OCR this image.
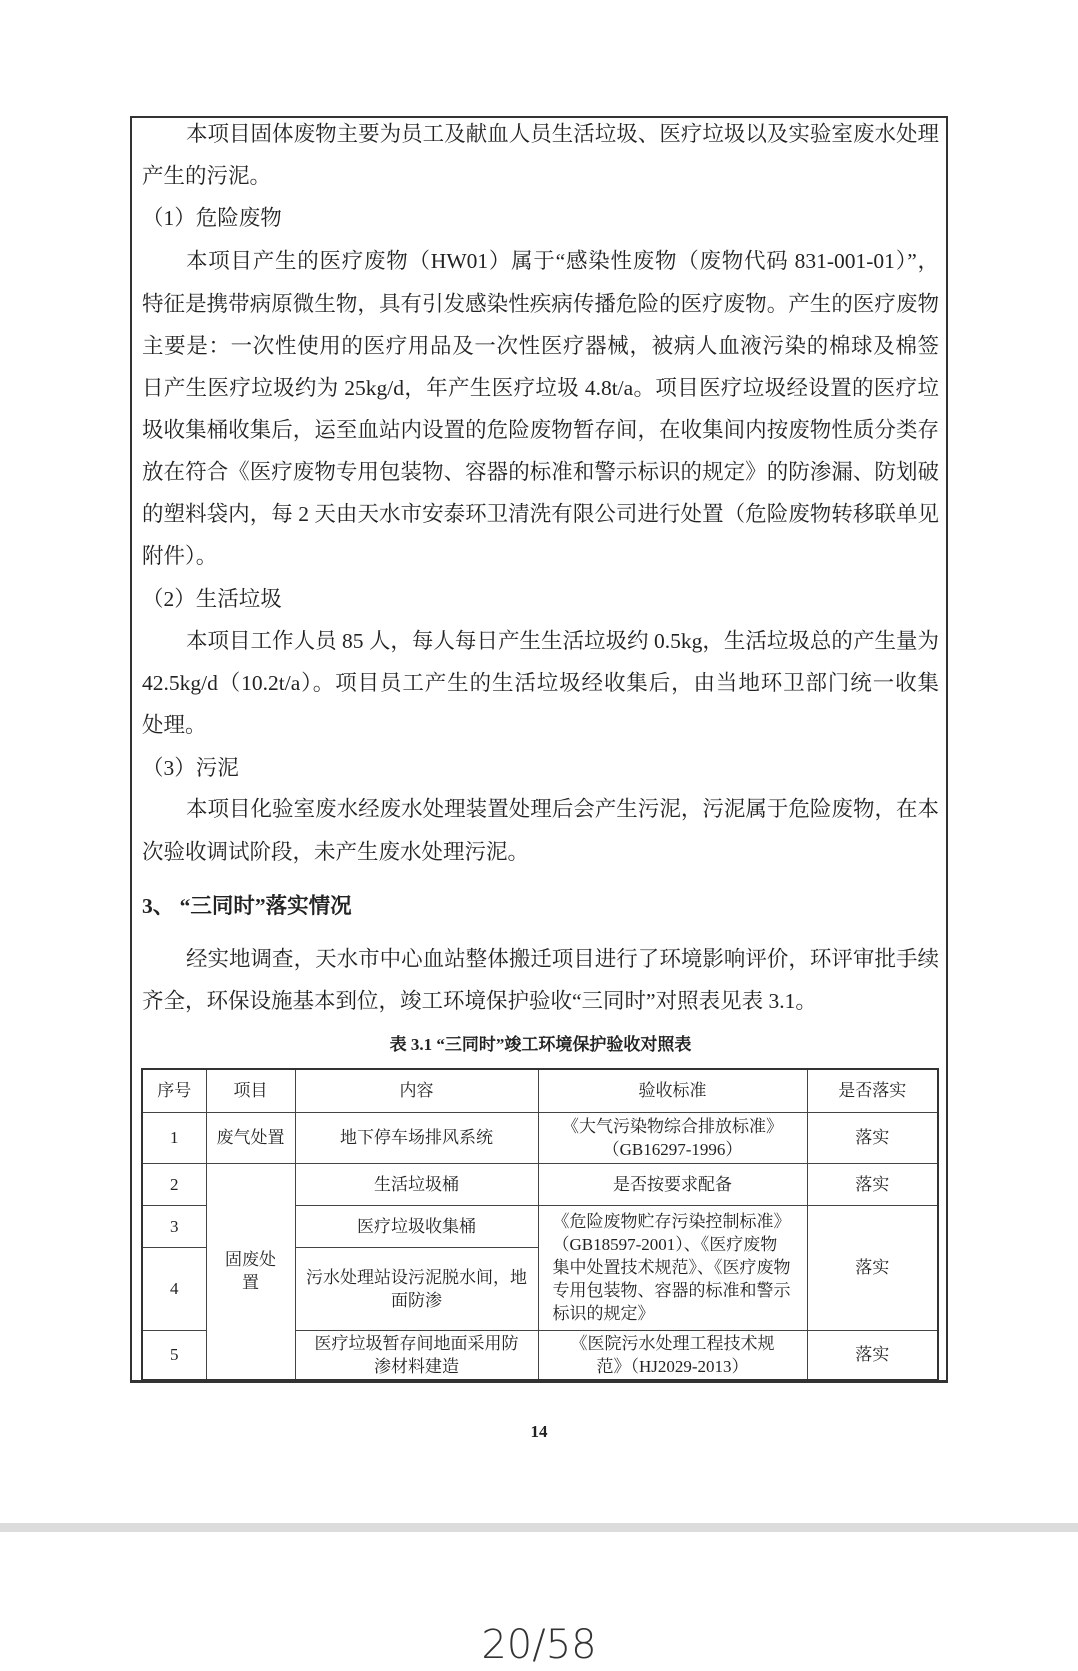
本项目固体废物主要为员工及献血人员生活垃圾、医疗垃圾以及实验室废水处理
产生的污泥。
（1）危险废物
本项目产生的医疗废物（HW01）属于“感染性废物（废物代码 831-001-01）”，
特征是携带病原微生物，具有引发感染性疾病传播危险的医疗废物。产生的医疗废物
主要是：一次性使用的医疗用品及一次性医疗器械，被病人血液污染的棉球及棉签
日产生医疗垃圾约为 25kg/d，年产生医疗垃圾 4.8t/a。项目医疗垃圾经设置的医疗垃
圾收集桶收集后，运至血站内设置的危险废物暂存间，在收集间内按废物性质分类存
放在符合《医疗废物专用包装物、容器的标准和警示标识的规定》的防渗漏、防划破
的塑料袋内，每 2 天由天水市安泰环卫清洗有限公司进行处置（危险废物转移联单见
附件）。
（2）生活垃圾
本项目工作人员 85 人，每人每日产生生活垃圾约 0.5kg，生活垃圾总的产生量为
42.5kg/d（10.2t/a）。项目员工产生的生活垃圾经收集后，由当地环卫部门统一收集
处理。
（3）污泥
本项目化验室废水经废水处理装置处理后会产生污泥，污泥属于危险废物，在本
次验收调试阶段，未产生废水处理污泥。
3、 “三同时”落实情况
经实地调查，天水市中心血站整体搬迁项目进行了环境影响评价，环评审批手续
齐全，环保设施基本到位，竣工环境保护验收“三同时”对照表见表 3.1。
表 3.1 “三同时”竣工环境保护验收对照表
序号	项目	内容	验收标准	是否落实
1	废气处置	地下停车场排风系统	《大气污染物综合排放标准》（GB16297-1996）	落实
2	固废处置	生活垃圾桶	是否按要求配备	落实
3		医疗垃圾收集桶	《危险废物贮存污染控制标准》（GB18597-2001）、《医疗废物集中处置技术规范》、《医疗废物专用包装物、容器的标准和警示标识的规定》	落实
4		污水处理站设污泥脱水间，地面防渗		
5		医疗垃圾暂存间地面采用防渗材料建造	《医院污水处理工程技术规范》（HJ2029-2013）	落实
14
20/58
